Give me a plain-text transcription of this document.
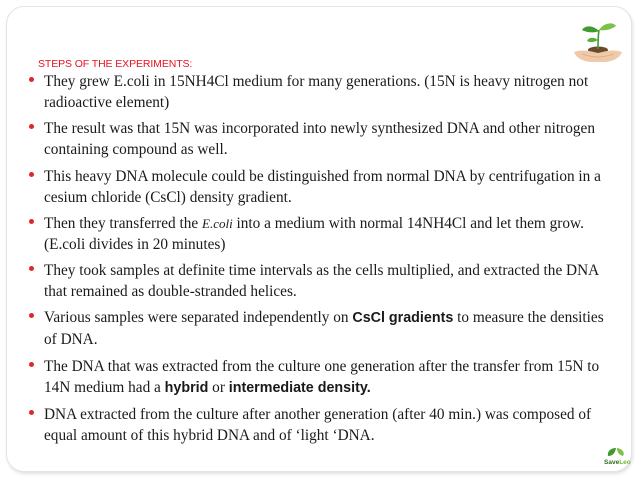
STEPS OF THE EXPERIMENTS:
They grew E.coli in 15NH4Cl medium for many generations. (15N is heavy nitrogen not radioactive element)
The result was that 15N was incorporated into newly synthesized DNA and other nitrogen containing compound as well.
This heavy DNA molecule could be distinguished from normal DNA by centrifugation in a cesium chloride (CsCl) density gradient.
Then they transferred the E.coli into a medium with normal 14NH4Cl and let them grow.(E.coli divides in 20 minutes)
They took samples at definite time intervals as the cells multiplied, and extracted the DNA that remained as double-stranded helices.
Various samples were separated independently on CsCl gradients to measure the densities of DNA.
The DNA that was extracted from the culture one generation after the transfer from 15N to 14N medium had a hybrid or intermediate density.
DNA extracted from the culture after another generation (after 40 min.) was composed of equal amount of this hybrid DNA and of ‘light ‘DNA.
SaveLeo
